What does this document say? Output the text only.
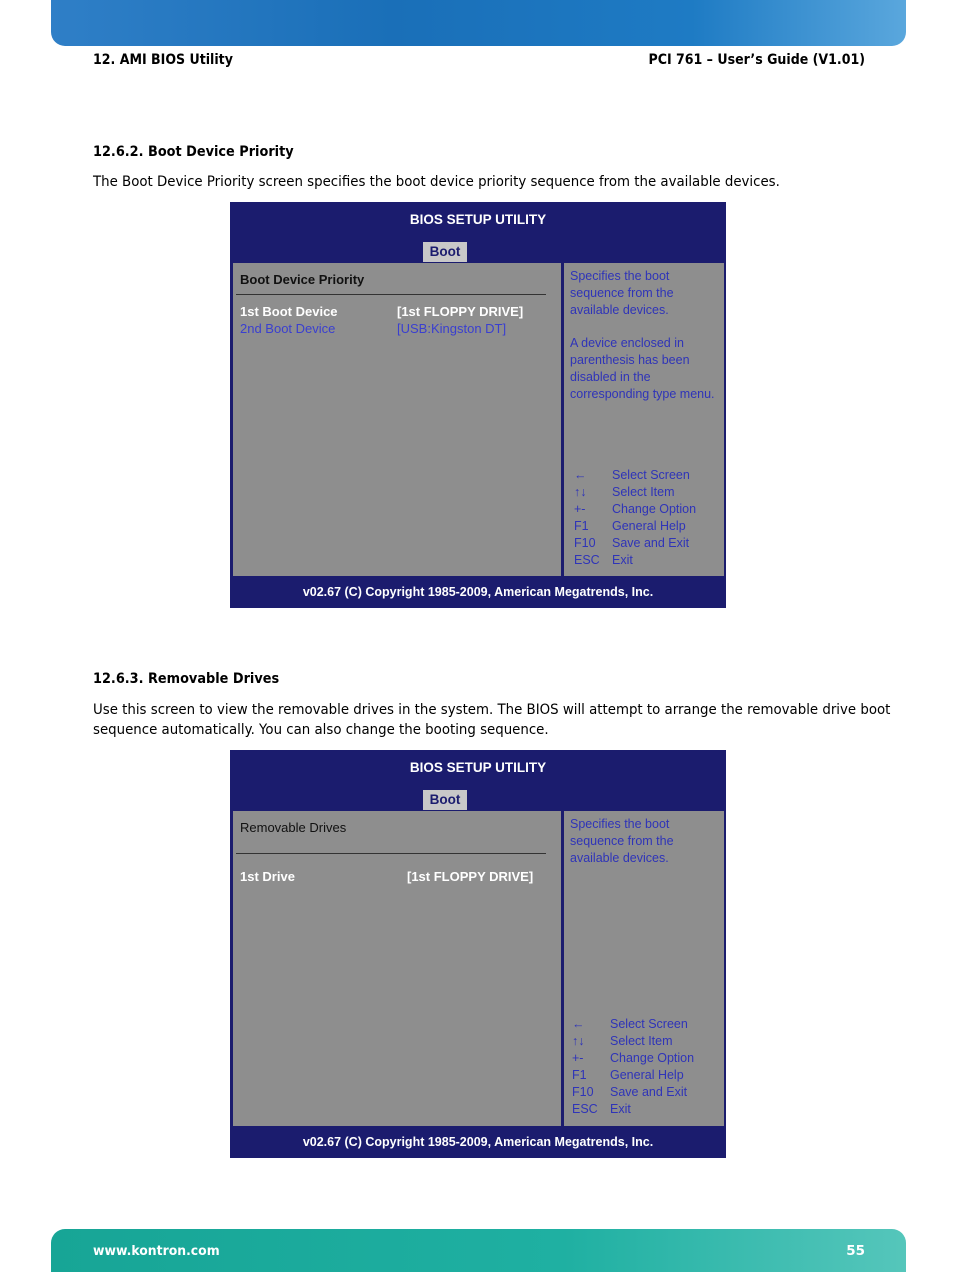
12. AMI BIOS Utility	PCI 761 – User’s Guide (V1.01)
12.6.2. Boot Device Priority
The Boot Device Priority screen specifies the boot device priority sequence from the available devices.
BIOS SETUP UTILITY
Boot
Boot Device Priority
1st Boot Device	[1st FLOPPY DRIVE]
2nd Boot Device	[USB:Kingston DT]

Specifies the boot sequence from the available devices.

A device enclosed in parenthesis has been disabled in the corresponding type menu.

← Select Screen
↑↓ Select Item
+- Change Option
F1 General Help
F10 Save and Exit
ESC Exit
v02.67 (C) Copyright 1985-2009, American Megatrends, Inc.
12.6.3. Removable Drives
Use this screen to view the removable drives in the system. The BIOS will attempt to arrange the removable drive boot
sequence automatically. You can also change the booting sequence.
BIOS SETUP UTILITY
Boot
Removable Drives
1st Drive	[1st FLOPPY DRIVE]

Specifies the boot sequence from the available devices.

← Select Screen
↑↓ Select Item
+- Change Option
F1 General Help
F10 Save and Exit
ESC Exit
v02.67 (C) Copyright 1985-2009, American Megatrends, Inc.
www.kontron.com	55
